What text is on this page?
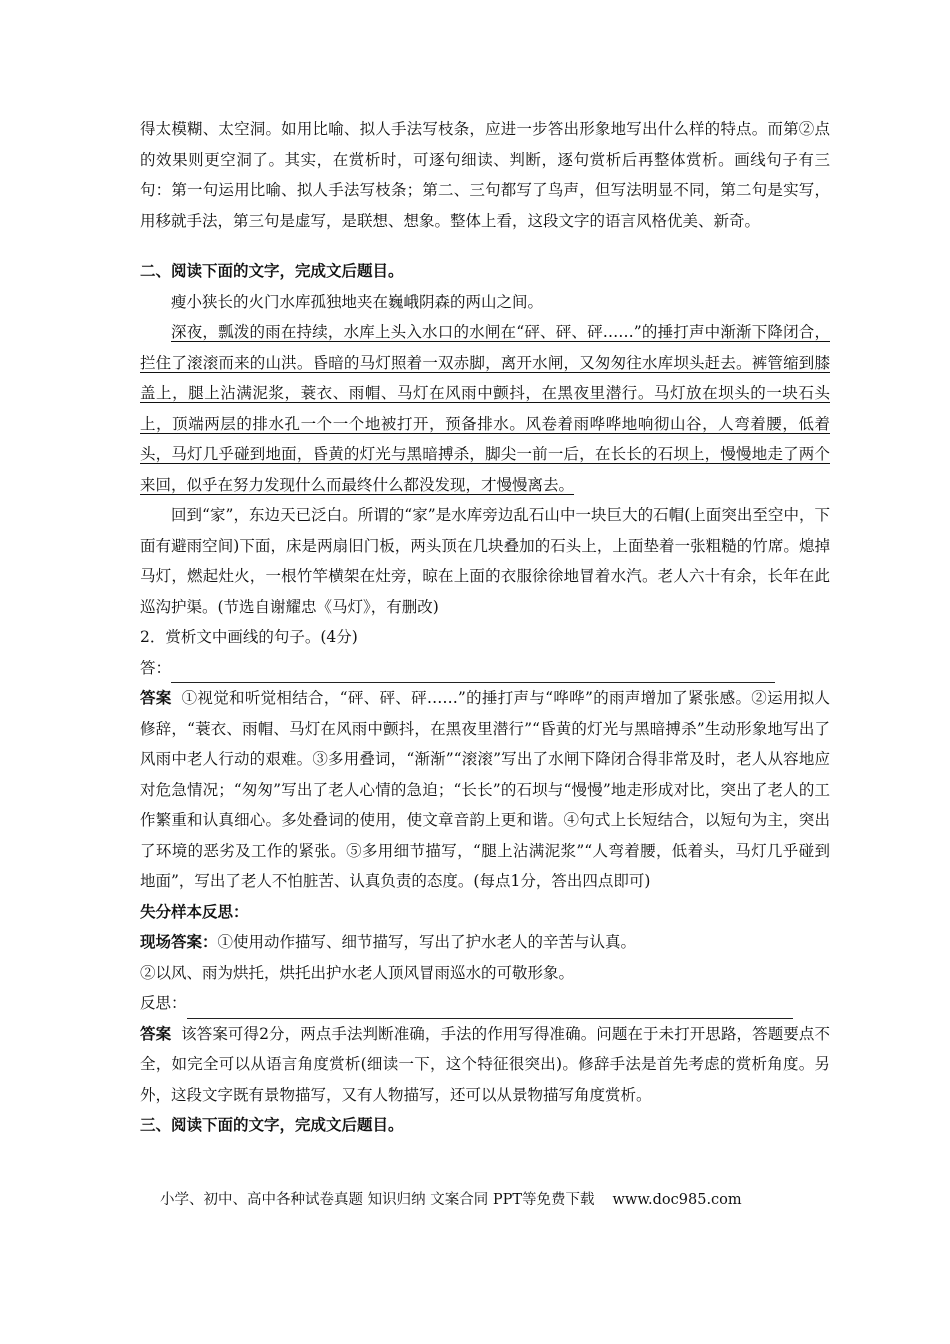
得太模糊、太空洞。如用比喻、拟人手法写枝条，应进一步答出形象地写出什么样的特点。而第②点的效果则更空洞了。其实，在赏析时，可逐句细读、判断，逐句赏析后再整体赏析。画线句子有三句：第一句运用比喻、拟人手法写枝条；第二、三句都写了鸟声，但写法明显不同，第二句是实写，用移就手法，第三句是虚写，是联想、想象。整体上看，这段文字的语言风格优美、新奇。

二、阅读下面的文字，完成文后题目。

瘦小狭长的火门水库孤独地夹在巍峨阴森的两山之间。

深夜，瓢泼的雨在持续，水库上头入水口的水闸在“砰、砰、砰……”的捶打声中渐渐下降闭合，拦住了滚滚而来的山洪。昏暗的马灯照着一双赤脚，离开水闸，又匆匆往水库坝头赶去。裤管缩到膝盖上，腿上沾满泥浆，蓑衣、雨帽、马灯在风雨中颤抖，在黑夜里潜行。马灯放在坝头的一块石头上，顶端两层的排水孔一个一个地被打开，预备排水。风卷着雨哗哗地响彻山谷，人弯着腰，低着头，马灯几乎碰到地面，昏黄的灯光与黑暗搏杀，脚尖一前一后，在长长的石坝上，慢慢地走了两个来回，似乎在努力发现什么而最终什么都没发现，才慢慢离去。

回到“家”，东边天已泛白。所谓的“家”是水库旁边乱石山中一块巨大的石帽(上面突出至空中，下面有避雨空间)下面，床是两扇旧门板，两头顶在几块叠加的石头上，上面垫着一张粗糙的竹席。熄掉马灯，燃起灶火，一根竹竿横架在灶旁，晾在上面的衣服徐徐地冒着水汽。老人六十有余，长年在此巡沟护渠。(节选自谢耀忠《马灯》，有删改)

2．赏析文中画线的句子。(4分)

答：

答案 ①视觉和听觉相结合，“砰、砰、砰……”的捶打声与“哗哗”的雨声增加了紧张感。②运用拟人修辞，“蓑衣、雨帽、马灯在风雨中颤抖，在黑夜里潜行”“昏黄的灯光与黑暗搏杀”生动形象地写出了风雨中老人行动的艰难。③多用叠词，“渐渐”“滚滚”写出了水闸下降闭合得非常及时，老人从容地应对危急情况；“匆匆”写出了老人心情的急迫；“长长”的石坝与“慢慢”地走形成对比，突出了老人的工作繁重和认真细心。多处叠词的使用，使文章音韵上更和谐。④句式上长短结合，以短句为主，突出了环境的恶劣及工作的紧张。⑤多用细节描写，“腿上沾满泥浆”“人弯着腰，低着头，马灯几乎碰到地面”，写出了老人不怕脏苦、认真负责的态度。(每点1分，答出四点即可)

失分样本反思：

现场答案：①使用动作描写、细节描写，写出了护水老人的辛苦与认真。

②以风、雨为烘托，烘托出护水老人顶风冒雨巡水的可敬形象。

反思：

答案 该答案可得2分，两点手法判断准确，手法的作用写得准确。问题在于未打开思路，答题要点不全，如完全可以从语言角度赏析(细读一下，这个特征很突出)。修辞手法是首先考虑的赏析角度。另外，这段文字既有景物描写，又有人物描写，还可以从景物描写角度赏析。

三、阅读下面的文字，完成文后题目。

小学、初中、高中各种试卷真题 知识归纳 文案合同 PPT等免费下载 www.doc985.com
